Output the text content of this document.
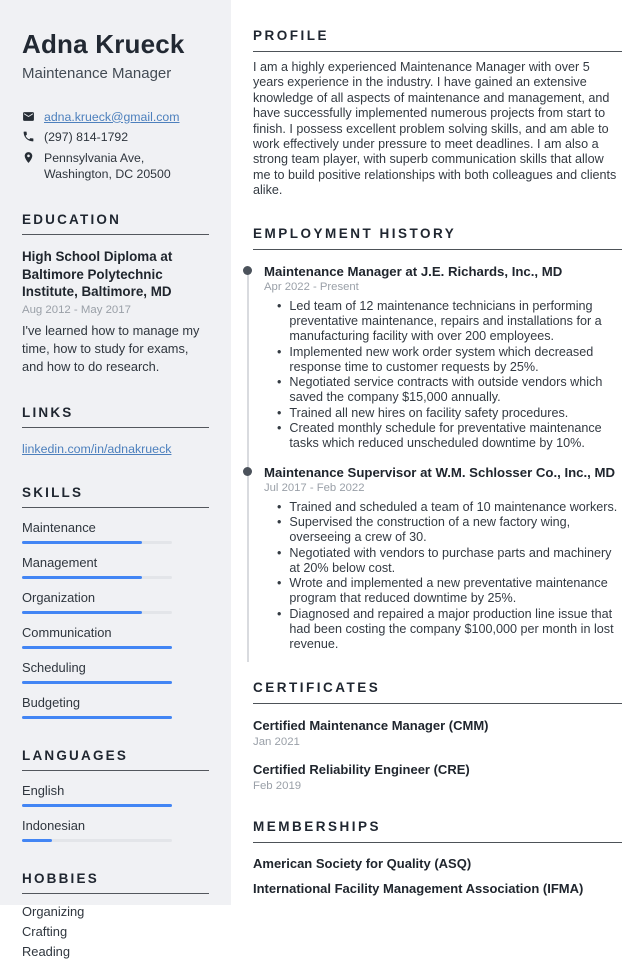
Adna Krueck
Maintenance Manager
adna.krueck@gmail.com
(297) 814-1792
Pennsylvania Ave, Washington, DC 20500
EDUCATION
High School Diploma at Baltimore Polytechnic Institute, Baltimore, MD
Aug 2012 - May 2017
I've learned how to manage my time, how to study for exams, and how to do research.
LINKS
linkedin.com/in/adnakrueck
SKILLS
Maintenance
Management
Organization
Communication
Scheduling
Budgeting
LANGUAGES
English
Indonesian
HOBBIES
Organizing
Crafting
Reading
PROFILE

I am a highly experienced Maintenance Manager with over 5 years experience in the industry. I have gained an extensive knowledge of all aspects of maintenance and management, and have successfully implemented numerous projects from start to finish. I possess excellent problem solving skills, and am able to work effectively under pressure to meet deadlines. I am also a strong team player, with superb communication skills that allow me to build positive relationships with both colleagues and clients alike.

EMPLOYMENT HISTORY
Maintenance Manager at J.E. Richards, Inc., MD
Apr 2022 - Present
• Led team of 12 maintenance technicians in performing preventative maintenance, repairs and installations for a manufacturing facility with over 200 employees.
• Implemented new work order system which decreased response time to customer requests by 25%.
• Negotiated service contracts with outside vendors which saved the company $15,000 annually.
• Trained all new hires on facility safety procedures.
• Created monthly schedule for preventative maintenance tasks which reduced unscheduled downtime by 10%.
Maintenance Supervisor at W.M. Schlosser Co., Inc., MD
Jul 2017 - Feb 2022
• Trained and scheduled a team of 10 maintenance workers.
• Supervised the construction of a new factory wing, overseeing a crew of 30.
• Negotiated with vendors to purchase parts and machinery at 20% below cost.
• Wrote and implemented a new preventative maintenance program that reduced downtime by 25%.
• Diagnosed and repaired a major production line issue that had been costing the company $100,000 per month in lost revenue.
CERTIFICATES
Certified Maintenance Manager (CMM)
Jan 2021
Certified Reliability Engineer (CRE)
Feb 2019
MEMBERSHIPS
American Society for Quality (ASQ)
International Facility Management Association (IFMA)
